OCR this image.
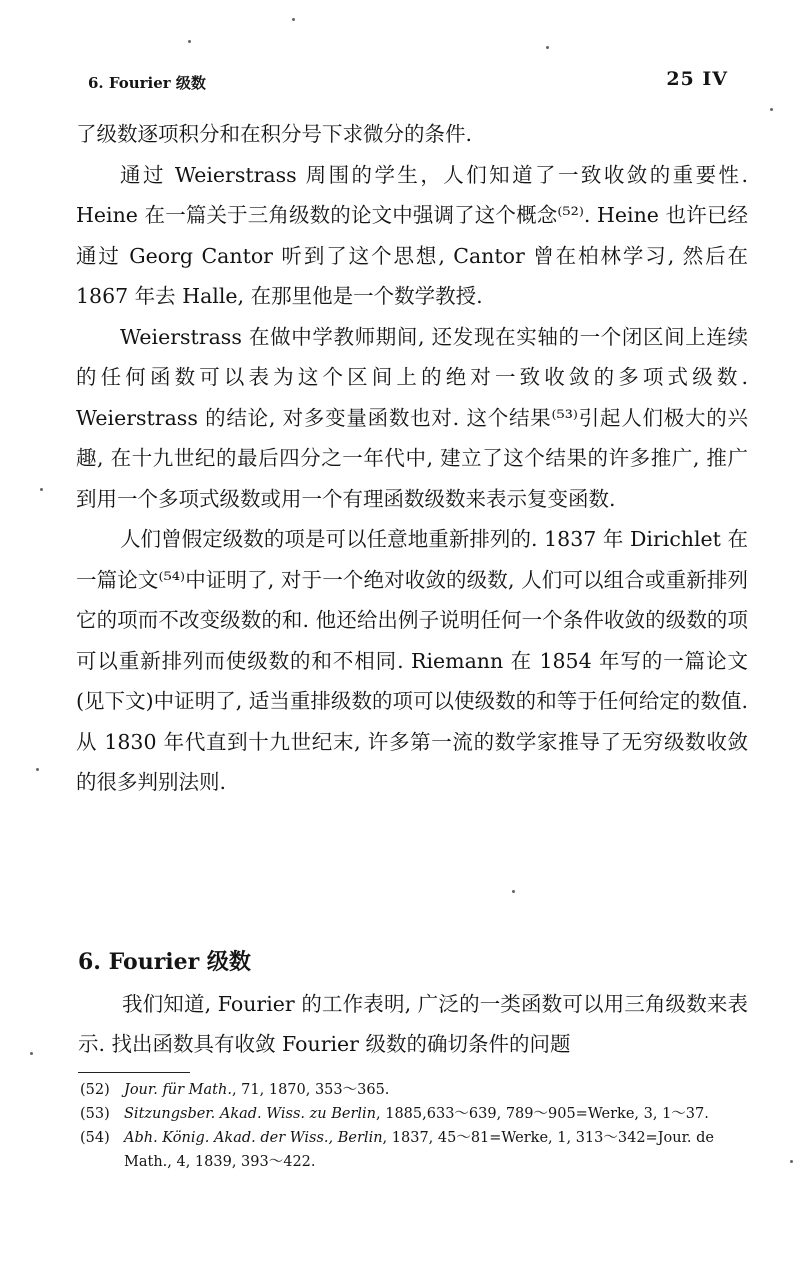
6. Fourier 级数	25 IV

了级数逐项积分和在积分号下求微分的条件.

通过 Weierstrass 周围的学生，人们知道了一致收敛的重要性. Heine 在一篇关于三角级数的论文中强调了这个概念⁽⁵²⁾. Heine 也许已经通过 Georg Cantor 听到了这个思想, Cantor 曾在柏林学习, 然后在 1867 年去 Halle, 在那里他是一个数学教授.

Weierstrass 在做中学教师期间, 还发现在实轴的一个闭区间上连续的任何函数可以表为这个区间上的绝对一致收敛的多项式级数. Weierstrass 的结论, 对多变量函数也对. 这个结果⁽⁵³⁾引起人们极大的兴趣, 在十九世纪的最后四分之一年代中, 建立了这个结果的许多推广, 推广到用一个多项式级数或用一个有理函数级数来表示复变函数.

人们曾假定级数的项是可以任意地重新排列的. 1837 年 Dirichlet 在一篇论文⁽⁵⁴⁾中证明了, 对于一个绝对收敛的级数, 人们可以组合或重新排列它的项而不改变级数的和. 他还给出例子说明任何一个条件收敛的级数的项可以重新排列而使级数的和不相同. Riemann 在 1854 年写的一篇论文(见下文)中证明了, 适当重排级数的项可以使级数的和等于任何给定的数值. 从 1830 年代直到十九世纪末, 许多第一流的数学家推导了无穷级数收敛的很多判别法则.

6. Fourier 级数

我们知道, Fourier 的工作表明, 广泛的一类函数可以用三角级数来表示. 找出函数具有收敛 Fourier 级数的确切条件的问题

(52) Jour. für Math., 71, 1870, 353～365.
(53) Sitzungsber. Akad. Wiss. zu Berlin, 1885,633～639, 789～905=Werke, 3, 1～37.
(54) Abh. König. Akad. der Wiss., Berlin, 1837, 45～81=Werke, 1, 313～342=Jour. de Math., 4, 1839, 393～422.
